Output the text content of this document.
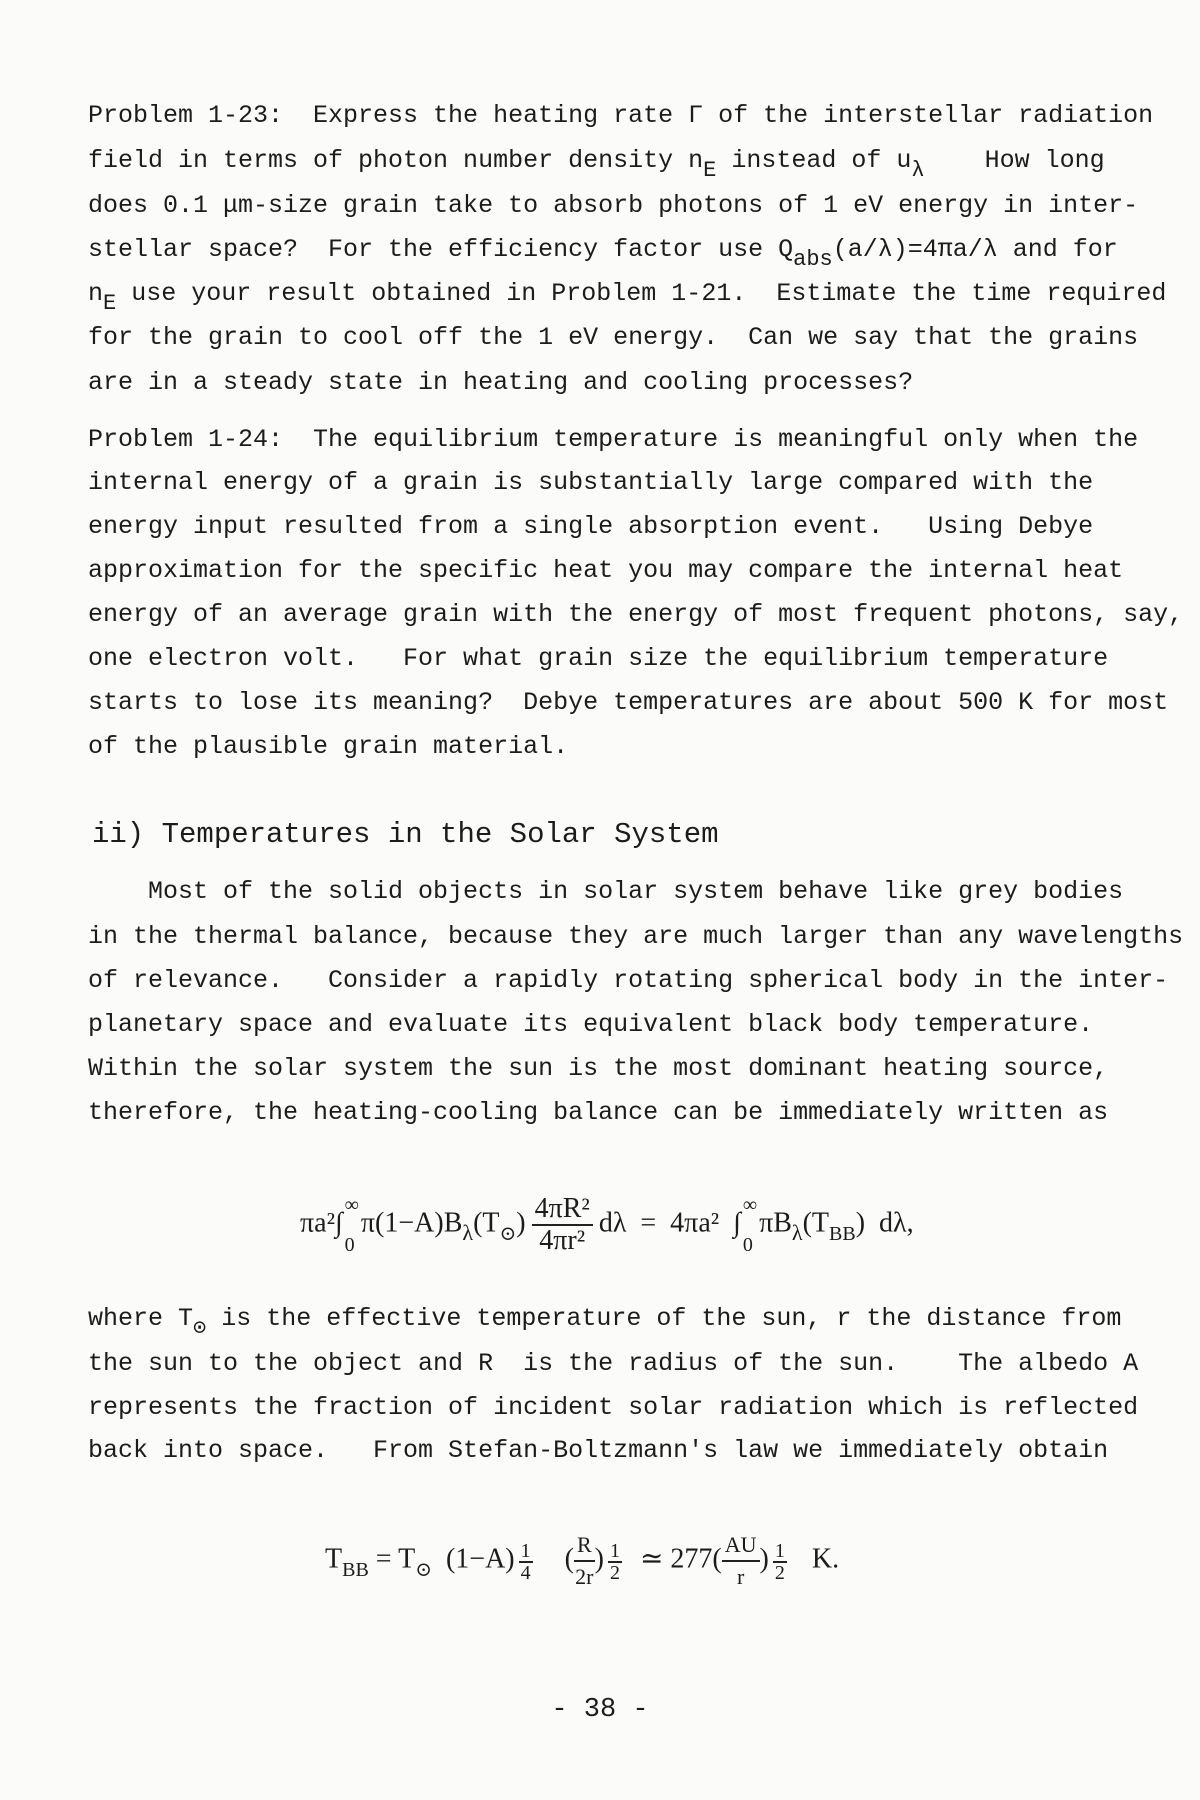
Problem 1-23:  Express the heating rate Γ of the interstellar radiation
field in terms of photon number density nE instead of uλ    How long
does 0.1 μm-size grain take to absorb photons of 1 eV energy in inter-
stellar space?  For the efficiency factor use Qabs(a/λ)=4πa/λ and for
nE use your result obtained in Problem 1-21.  Estimate the time required
for the grain to cool off the 1 eV energy.  Can we say that the grains
are in a steady state in heating and cooling processes?
Problem 1-24:  The equilibrium temperature is meaningful only when the
internal energy of a grain is substantially large compared with the
energy input resulted from a single absorption event.   Using Debye
approximation for the specific heat you may compare the internal heat
energy of an average grain with the energy of most frequent photons, say,
one electron volt.   For what grain size the equilibrium temperature
starts to lose its meaning?  Debye temperatures are about 500 K for most
of the plausible grain material.
ii) Temperatures in the Solar System
Most of the solid objects in solar system behave like grey bodies
in the thermal balance, because they are much larger than any wavelengths
of relevance.   Consider a rapidly rotating spherical body in the inter-
planetary space and evaluate its equivalent black body temperature.
Within the solar system the sun is the most dominant heating source,
therefore, the heating-cooling balance can be immediately written as
πa²∫
∞
0
$\pi(1-A)B_\lambda(T_⊙) \frac{\text{4πR²}}{\text{4πr²}}$ dλ  =  4πa²  ∫
∞
0
$\pi B_\lambda(T_{BB})$  dλ,
where T⊙ is the effective temperature of the sun, r the distance from
the sun to the object and R  is the radius of the sun.    The albedo A
represents the fraction of incident solar radiation which is reflected
back into space.   From Stefan-Boltzmann's law we immediately obtain
$T_{BB} = T_⊙$ $(1-A) \frac{1}{4}$ ( $\frac{R}{2r}$ ) $\frac{1}{2}$ ≃ $277( \frac{AU}{r}$ ) $\frac{1}{2} K$.
- 38 -
